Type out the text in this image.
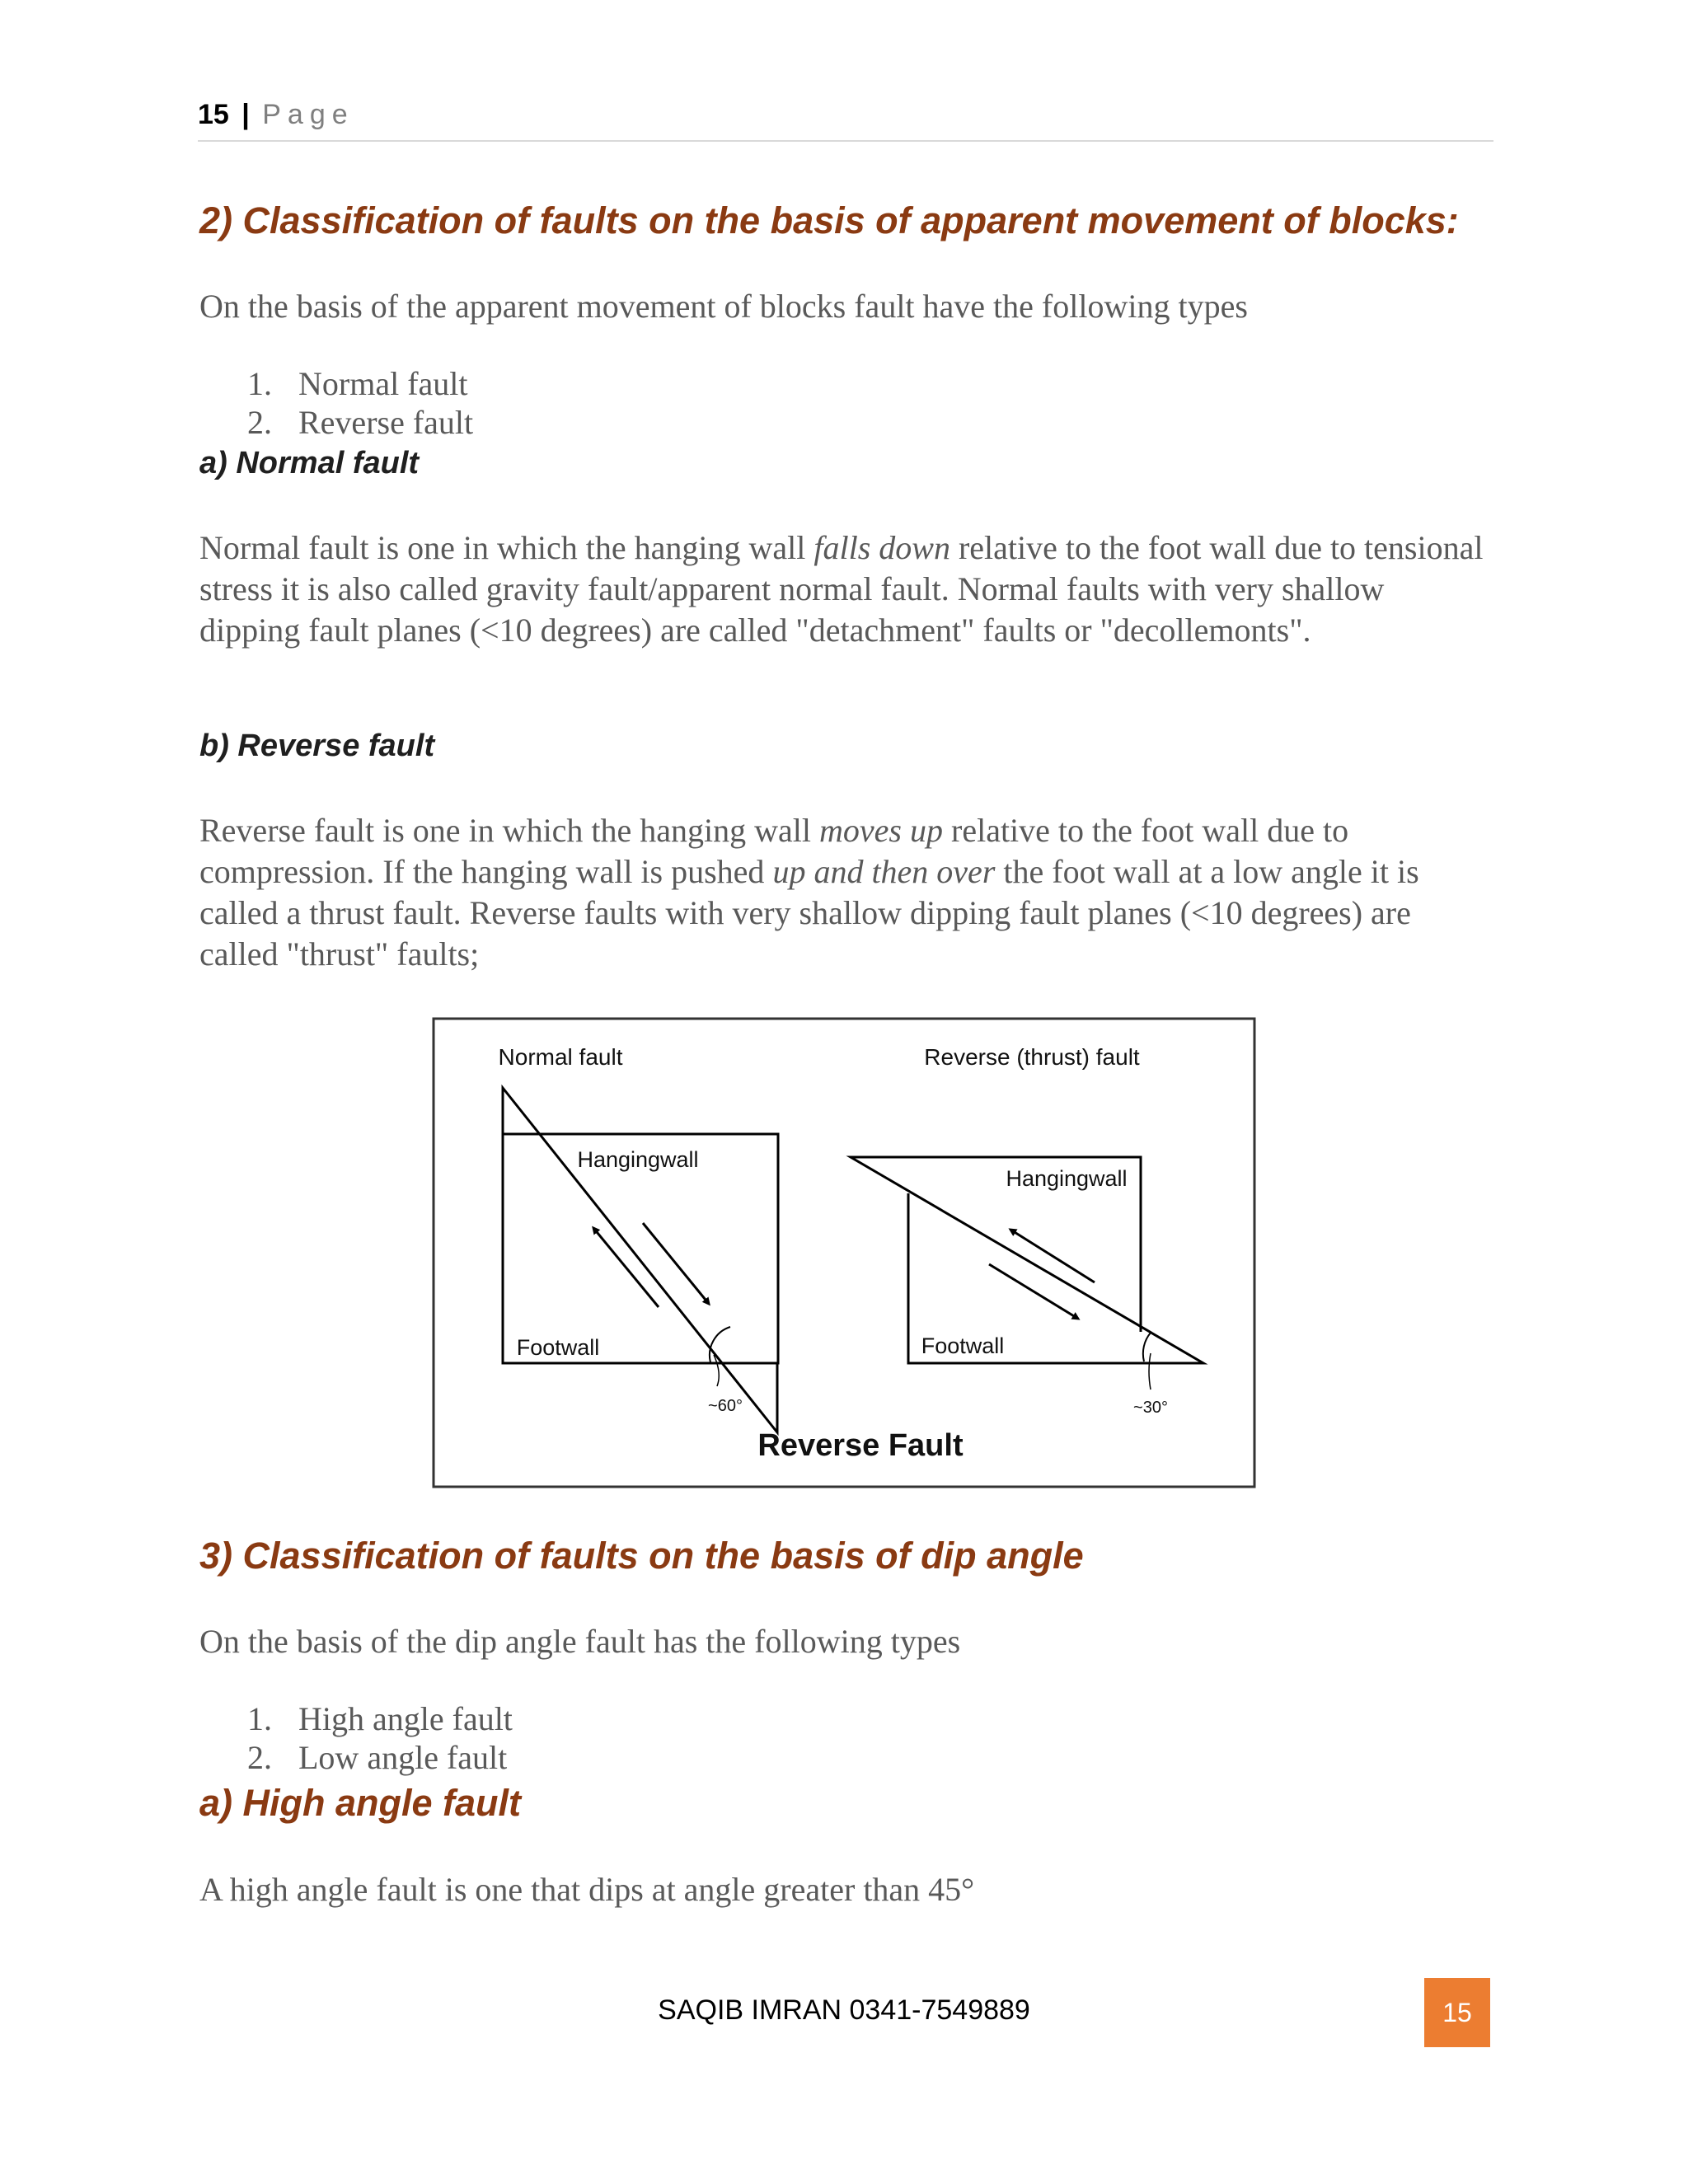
15 | Page
2) Classification of faults on the basis of apparent movement of blocks:

On the basis of the apparent movement of blocks fault have the following types

1. Normal fault
2. Reverse fault
a) Normal fault

Normal fault is one in which the hanging wall falls down relative to the foot wall due to tensional stress it is also called gravity fault/apparent normal fault. Normal faults with very shallow dipping fault planes (<10 degrees) are called "detachment" faults or "decollemonts".

b) Reverse fault

Reverse fault is one in which the hanging wall moves up relative to the foot wall due to compression. If the hanging wall is pushed up and then over the foot wall at a low angle it is called a thrust fault. Reverse faults with very shallow dipping fault planes (<10 degrees) are called "thrust" faults;

Normal fault
Hangingwall
Footwall
~60°
Reverse (thrust) fault
Hangingwall
Footwall
~30°
Reverse Fault
3) Classification of faults on the basis of dip angle

On the basis of the dip angle fault has the following types

1. High angle fault
2. Low angle fault
a) High angle fault

A high angle fault is one that dips at angle greater than 45°

SAQIB IMRAN 0341-7549889	15
